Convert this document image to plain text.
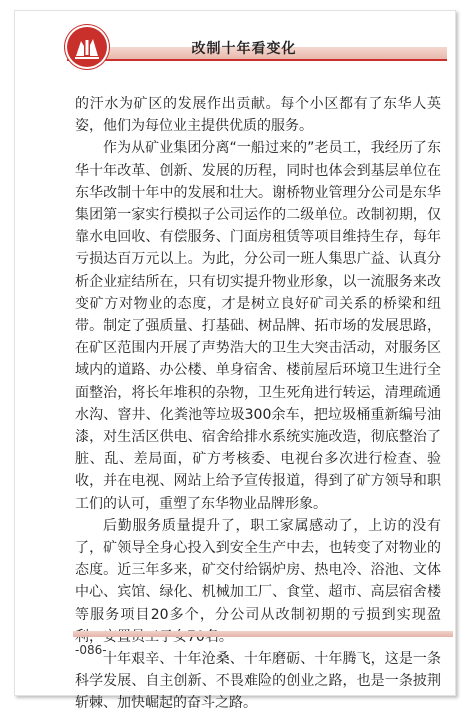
改制十年看变化

的汗水为矿区的发展作出贡献。每个小区都有了东华人英姿，他们为每位业主提供优质的服务。

作为从矿业集团分离“一船过来的”老员工，我经历了东华十年改革、创新、发展的历程，同时也体会到基层单位在东华改制十年中的发展和壮大。谢桥物业管理分公司是东华集团第一家实行模拟子公司运作的二级单位。改制初期，仅靠水电回收、有偿服务、门面房租赁等项目维持生存，每年亏损达百万元以上。为此，分公司一班人集思广益、认真分析企业症结所在，只有切实提升物业形象，以一流服务来改变矿方对物业的态度，才是树立良好矿司关系的桥梁和纽带。制定了强质量、打基础、树品牌、拓市场的发展思路，在矿区范围内开展了声势浩大的卫生大突击活动，对服务区域内的道路、办公楼、单身宿舍、楼前屋后环境卫生进行全面整治，将长年堆积的杂物，卫生死角进行转运，清理疏通水沟、窨井、化粪池等垃圾300余车，把垃圾桶重新编号油漆，对生活区供电、宿舍给排水系统实施改造，彻底整治了脏、乱、差局面，矿方考核委、电视台多次进行检查、验收，并在电视、网站上给予宣传报道，得到了矿方领导和职工们的认可，重塑了东华物业品牌形象。

后勤服务质量提升了，职工家属感动了，上访的没有了，矿领导全身心投入到安全生产中去，也转变了对物业的态度。近三年多来，矿交付给锅炉房、热电冷、浴池、文体中心、宾馆、绿化、机械加工厂、食堂、超市、高层宿舍楼等服务项目20多个，分公司从改制初期的亏损到实现盈

十年艰辛、十年沧桑、十年磨砺、十年腾飞，这是一条科学发展、自主创新、不畏难险的创业之路，也是一条披荆斩棘、加快崛起的奋斗之路。

-086-
